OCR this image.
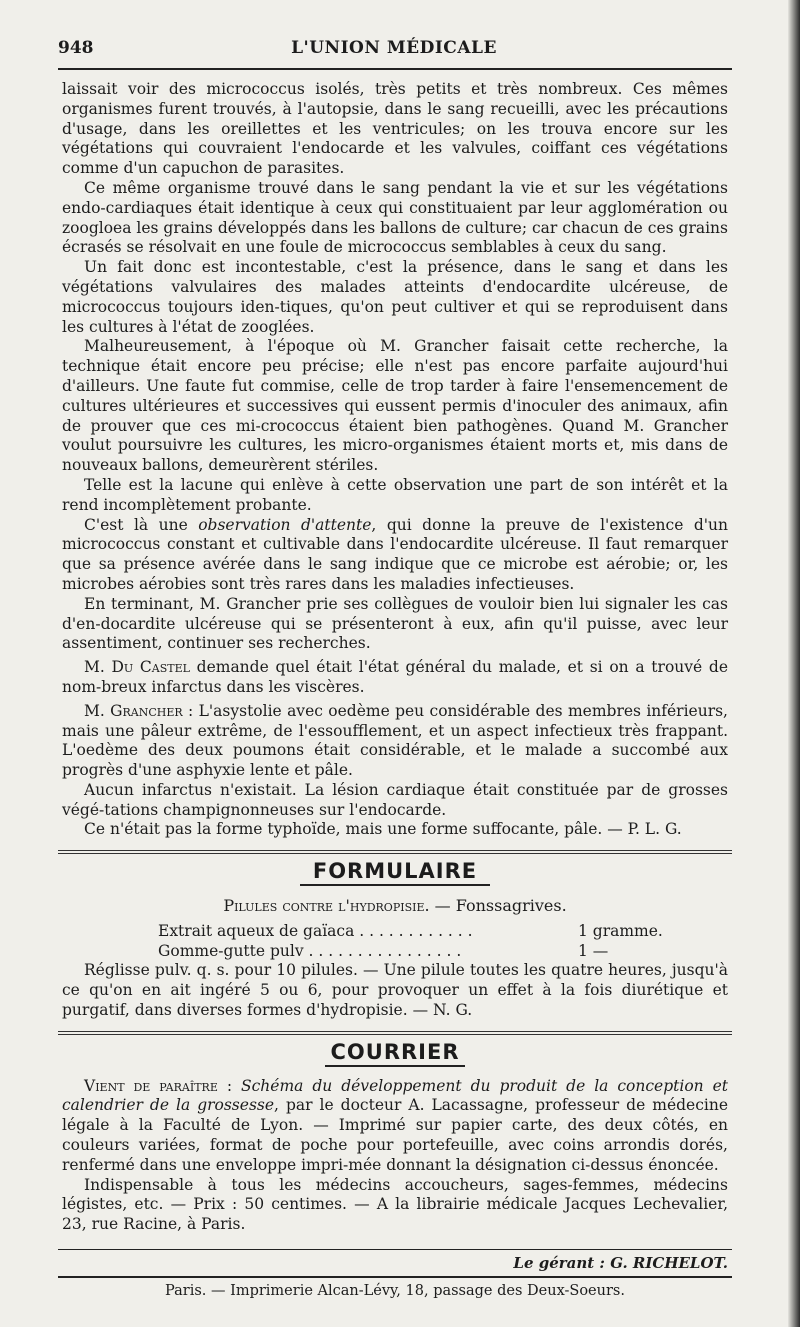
948	L'UNION MÉDICALE

laissait voir des micrococcus isolés, très petits et très nombreux. Ces mêmes organismes furent trouvés, à l'autopsie, dans le sang recueilli, avec les précautions d'usage, dans les oreillettes et les ventricules; on les trouva encore sur les végétations qui couvraient l'endocarde et les valvules, coiffant ces végétations comme d'un capuchon de parasites.

Ce même organisme trouvé dans le sang pendant la vie et sur les végétations endo-cardiaques était identique à ceux qui constituaient par leur agglomération ou zoogloea les grains développés dans les ballons de culture; car chacun de ces grains écrasés se résolvait en une foule de micrococcus semblables à ceux du sang.

Un fait donc est incontestable, c'est la présence, dans le sang et dans les végétations valvulaires des malades atteints d'endocardite ulcéreuse, de micrococcus toujours iden-tiques, qu'on peut cultiver et qui se reproduisent dans les cultures à l'état de zooglées.

Malheureusement, à l'époque où M. Grancher faisait cette recherche, la technique était encore peu précise; elle n'est pas encore parfaite aujourd'hui d'ailleurs. Une faute fut commise, celle de trop tarder à faire l'ensemencement de cultures ultérieures et successives qui eussent permis d'inoculer des animaux, afin de prouver que ces mi-crococcus étaient bien pathogènes. Quand M. Grancher voulut poursuivre les cultures, les micro-organismes étaient morts et, mis dans de nouveaux ballons, demeurèrent stériles.

Telle est la lacune qui enlève à cette observation une part de son intérêt et la rend incomplètement probante.

C'est là une observation d'attente, qui donne la preuve de l'existence d'un micrococcus constant et cultivable dans l'endocardite ulcéreuse. Il faut remarquer que sa présence avérée dans le sang indique que ce microbe est aérobie; or, les microbes aérobies sont très rares dans les maladies infectieuses.

En terminant, M. Grancher prie ses collègues de vouloir bien lui signaler les cas d'en-docardite ulcéreuse qui se présenteront à eux, afin qu'il puisse, avec leur assentiment, continuer ses recherches.

M. Du Castel demande quel était l'état général du malade, et si on a trouvé de nom-breux infarctus dans les viscères.

M. Grancher : L'asystolie avec oedème peu considérable des membres inférieurs, mais une pâleur extrême, de l'essoufflement, et un aspect infectieux très frappant. L'oedème des deux poumons était considérable, et le malade a succombé aux progrès d'une asphyxie lente et pâle.

Aucun infarctus n'existait. La lésion cardiaque était constituée par de grosses végé-tations champignonneuses sur l'endocarde.

Ce n'était pas la forme typhoïde, mais une forme suffocante, pâle. — P. L. G.

FORMULAIRE
Pilules contre l'hydropisie. — Fonssagrives.
Extrait aqueux de gaïaca . . . . . . . . . . . .	1 gramme.
Gomme-gutte pulv . . . . . . . . . . . . . . . .	1 —

Réglisse pulv. q. s. pour 10 pilules. — Une pilule toutes les quatre heures, jusqu'à ce qu'on en ait ingéré 5 ou 6, pour provoquer un effet à la fois diurétique et purgatif, dans diverses formes d'hydropisie. — N. G.

COURRIER

Vient de paraître : Schéma du développement du produit de la conception et calendrier de la grossesse, par le docteur A. Lacassagne, professeur de médecine légale à la Faculté de Lyon. — Imprimé sur papier carte, des deux côtés, en couleurs variées, format de poche pour portefeuille, avec coins arrondis dorés, renfermé dans une enveloppe impri-mée donnant la désignation ci-dessus énoncée.

Indispensable à tous les médecins accoucheurs, sages-femmes, médecins légistes, etc. — Prix : 50 centimes. — A la librairie médicale Jacques Lechevalier, 23, rue Racine, à Paris.

Le gérant : G. RICHELOT.
Paris. — Imprimerie Alcan-Lévy, 18, passage des Deux-Soeurs.
